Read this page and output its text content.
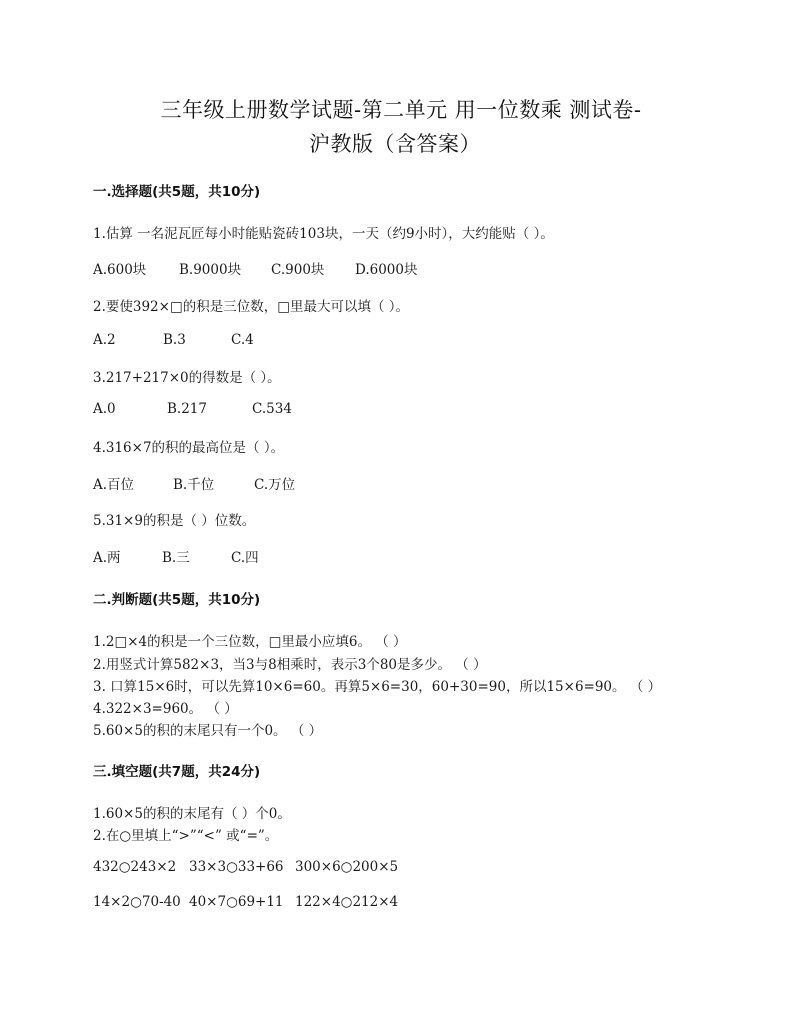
三年级上册数学试题-第二单元 用一位数乘 测试卷-
沪教版（含答案）
一.选择题(共5题，共10分)
1.估算 一名泥瓦匠每小时能贴瓷砖103块，一天（约9小时），大约能贴（ ）。
A.600块 B.9000块 C.900块 D.6000块
2.要使392×□的积是三位数，□里最大可以填（ ）。
A.2	B.3	C.4
3.217+217×0的得数是（ ）。
A.0	B.217	C.534
4.316×7的积的最高位是（ ）。
A.百位	B.千位	C.万位
5.31×9的积是（ ）位数。
A.两	B.三	C.四
二.判断题(共5题，共10分)
1.2□×4的积是一个三位数，□里最小应填6。 （ ）
2.用竖式计算582×3，当3与8相乘时，表示3个80是多少。 （ ）
3. 口算15×6时，可以先算10×6=60。再算5×6=30，60+30=90，所以15×6=90。 （ ）
4.322×3=960。 （ ）
5.60×5的积的末尾只有一个0。 （ ）
三.填空题(共7题，共24分)
1.60×5的积的末尾有（ ）个0。
2.在○里填上“>”“<” 或“=”。
432○243×2 33×3○33+66 300×6○200×5
14×2○70-40 40×7○69+11 122×4○212×4
